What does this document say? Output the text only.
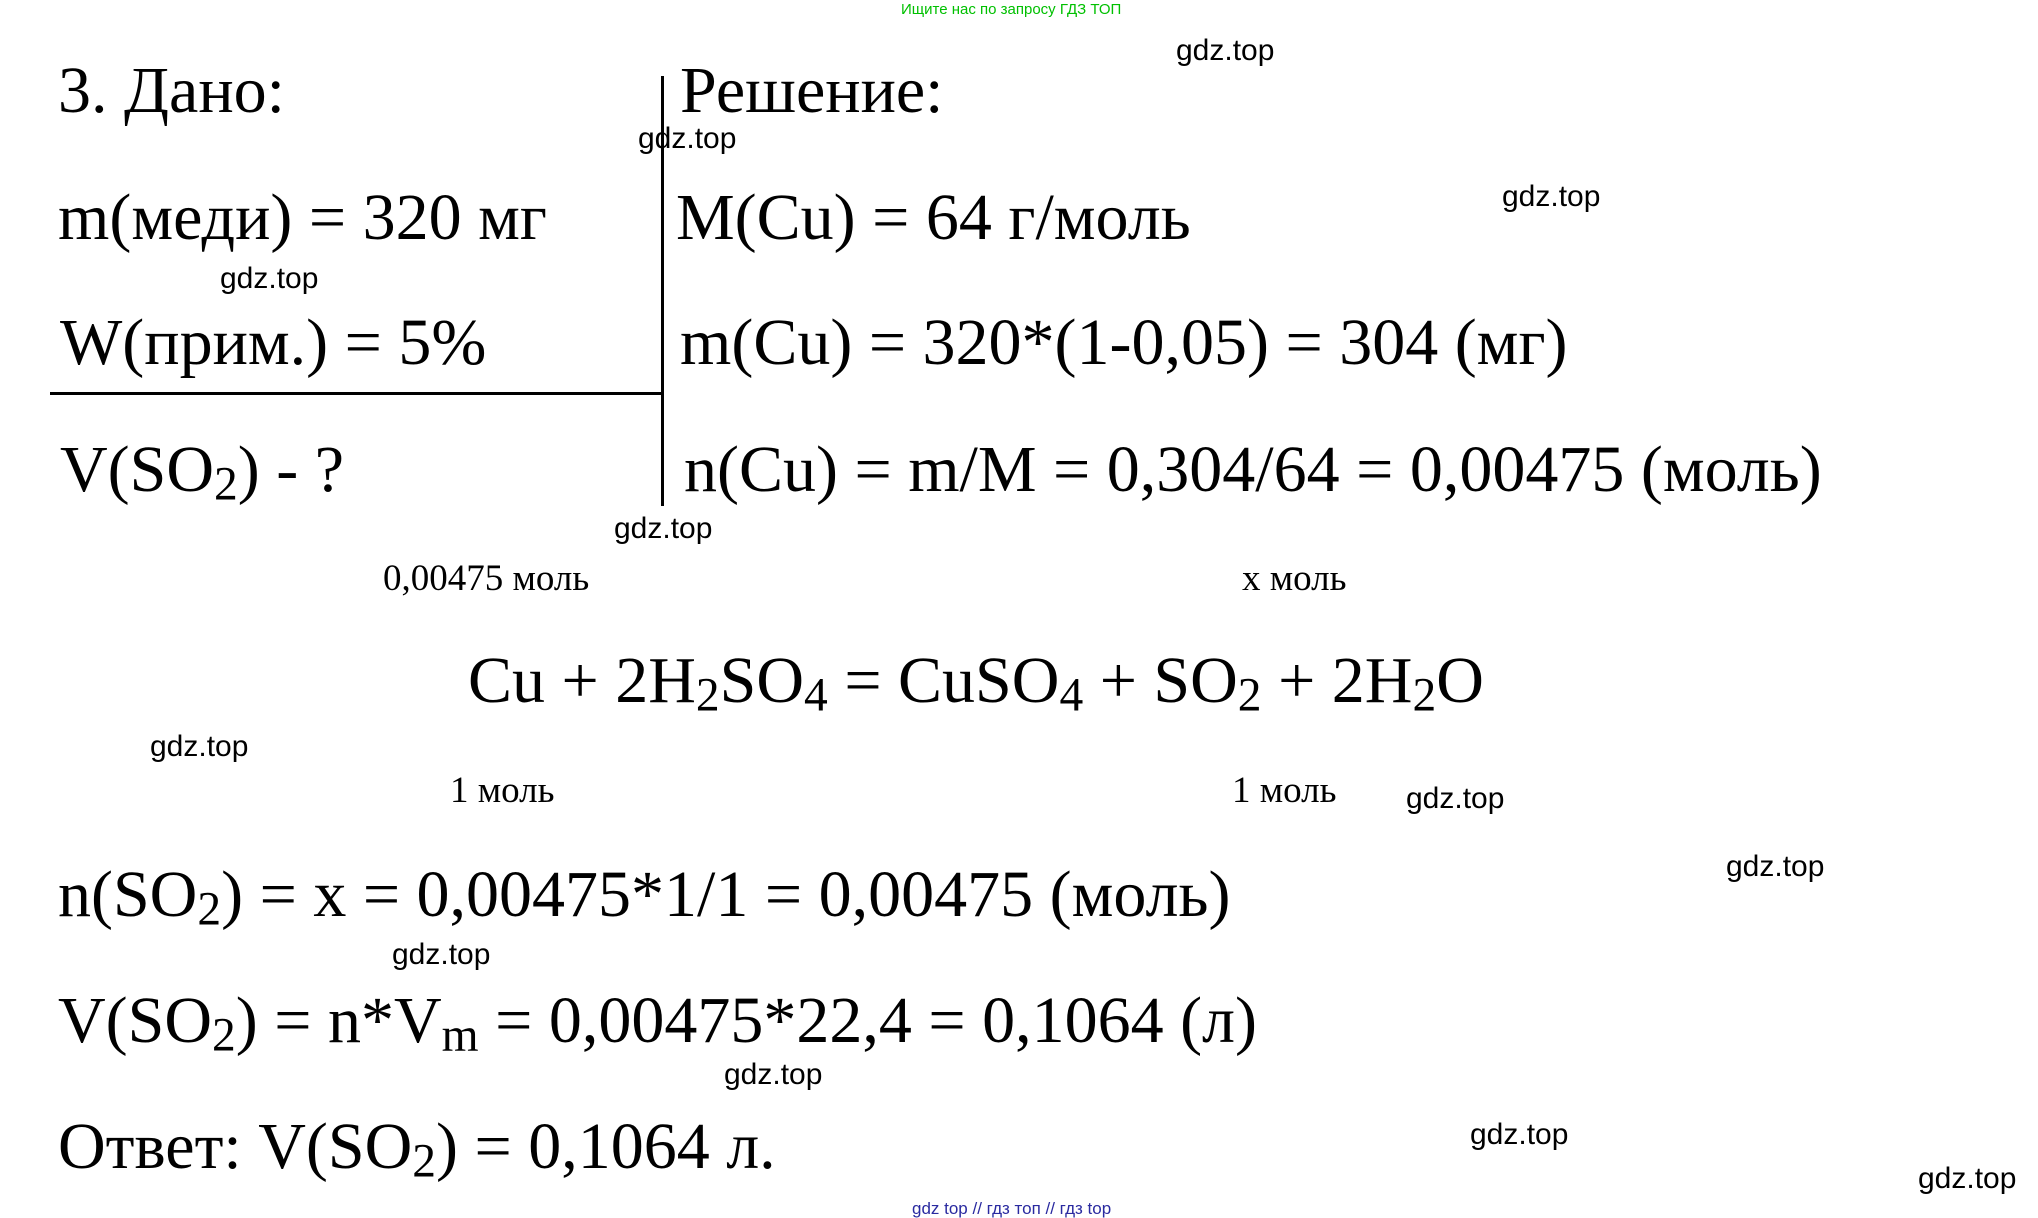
Ищите нас по запросу ГДЗ ТОП
3. Дано:
m(меди) = 320 мг
W(прим.) = 5%
$V(SO_2)$ - ?
Решение:
M(Cu) = 64 г/моль
m(Cu) = 320*(1-0,05) = 304 (мг)
n(Cu) = m/M = 0,304/64 = 0,00475 (моль)
0,00475 моль	x моль
$Cu + 2H_2SO_4$ = CuSO$_4$ + $SO_2 + 2H_2O$
1 моль	1 моль
$n(SO_2) = x = 0,00475*1/1 = 0,00475$ (моль)
$V(SO_2) = n*V_m = 0,00475*22,4 = 0,1064$ (л)
Ответ: $V(SO_2) = 0,1064$ л.
gdz.top
gdz.top
gdz.top
gdz.top
gdz.top
gdz.top
gdz.top
gdz.top
gdz.top
gdz.top
gdz.top
gdz.top
gdz top // гдз топ // гдз top
